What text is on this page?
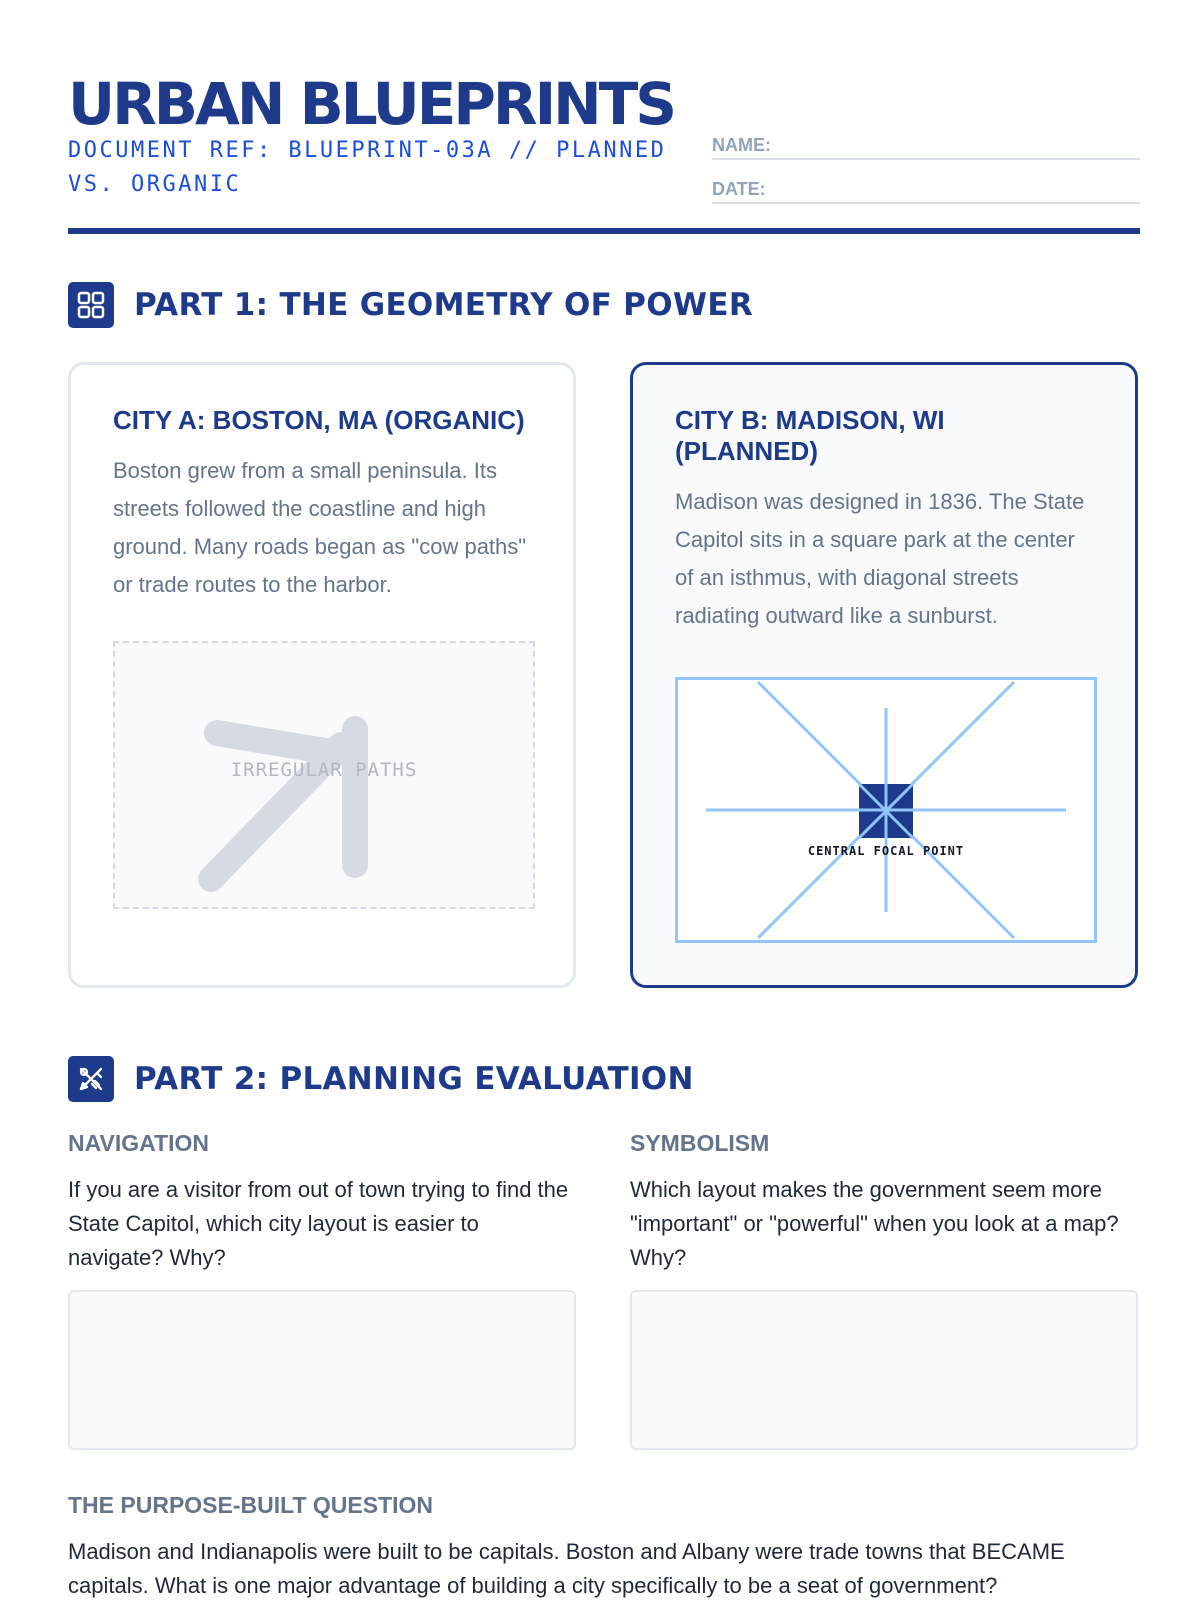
URBAN BLUEPRINTS
DOCUMENT REF: BLUEPRINT-03A // PLANNED VS. ORGANIC
NAME:
DATE:
PART 1: THE GEOMETRY OF POWER
CITY A: BOSTON, MA (ORGANIC)

Boston grew from a small peninsula. Its streets followed the coastline and high ground. Many roads began as "cow paths" or trade routes to the harbor.

IRREGULAR PATHS
CITY B: MADISON, WI (PLANNED)

Madison was designed in 1836. The State Capitol sits in a square park at the center of an isthmus, with diagonal streets radiating outward like a sunburst.

CENTRAL FOCAL POINT
PART 2: PLANNING EVALUATION
NAVIGATION

If you are a visitor from out of town trying to find the State Capitol, which city layout is easier to navigate? Why?

SYMBOLISM

Which layout makes the government seem more "important" or "powerful" when you look at a map? Why?

THE PURPOSE-BUILT QUESTION

Madison and Indianapolis were built to be capitals. Boston and Albany were trade towns that BECAME capitals. What is one major advantage of building a city specifically to be a seat of government?
